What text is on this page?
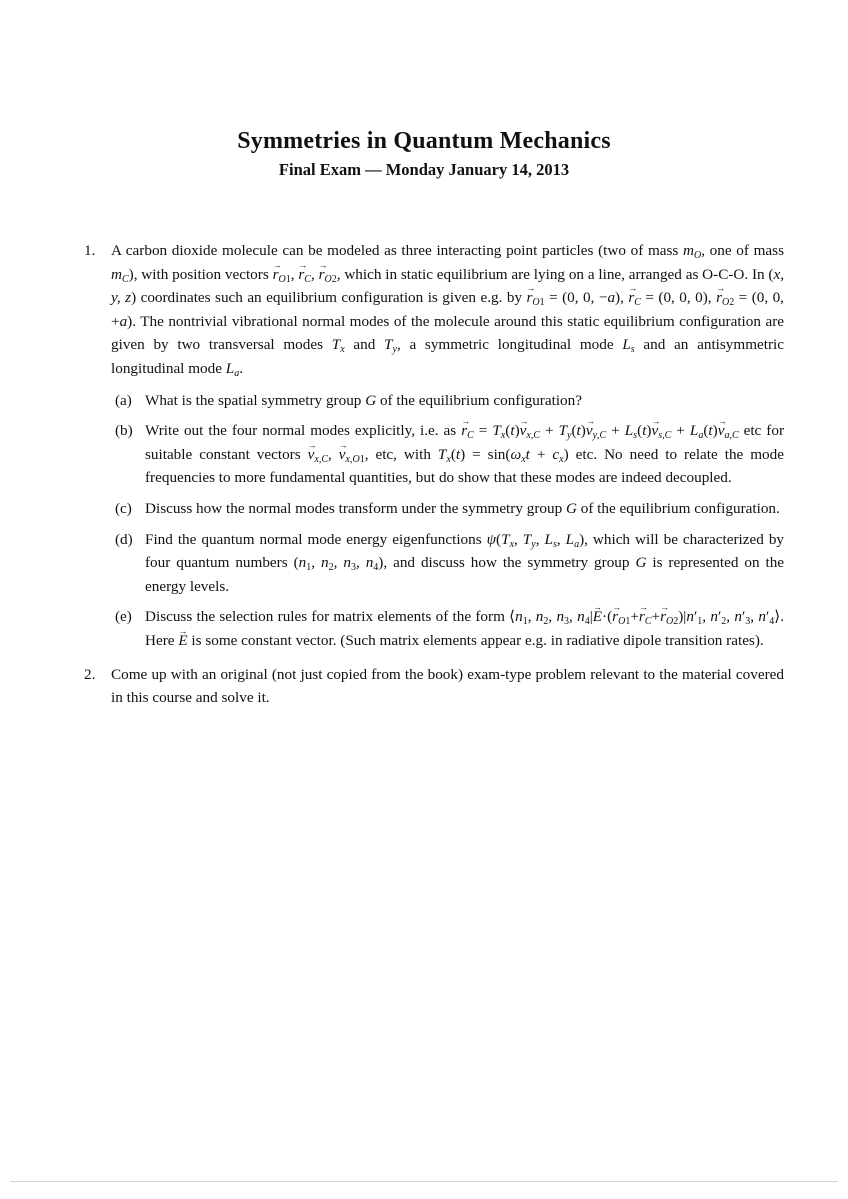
Symmetries in Quantum Mechanics
Final Exam — Monday January 14, 2013
1. A carbon dioxide molecule can be modeled as three interacting point particles (two of mass $m_O$, one of mass $m_C$), with position vectors → $r_{O1}$, → $r_C$, → $r_{O2}$, which in static equilibrium are lying on a line, arranged as O-C-O. In (x, y, z) coordinates such an equilibrium configuration is given e.g. by → $r_{O1} = (0$, 0, −a), → $r_C = (0$, 0, 0), → $r_{O2} = (0$, 0, +a). The nontrivial vibrational normal modes of the molecule around this static equilibrium configuration are given by two transversal modes $T_x$ and $T_y$, a symmetric longitudinal mode $L_s$ and an antisymmetric longitudinal mode $L_a$.
(a) What is the spatial symmetry group G of the equilibrium configuration?
(b) Write out the four normal modes explicitly, i.e. as → $r_C = T_x(t)\to v_{x,C} + T_y(t)\to v_{y,C} + L_s(t)\to v_{s,C} + L_a(t)\to v_{a,C}$ etc for suitable constant vectors → $v_{x,C}$, → $v_{x,O1}$, etc, with $T_x(t) = \sin(\omega_xt + c_x)$ etc. No need to relate the mode frequencies to more fundamental quantities, but do show that these modes are indeed decoupled.
(c) Discuss how the normal modes transform under the symmetry group G of the equilibrium configuration.
(d) Find the quantum normal mode energy eigenfunctions $\psi(T_x$, $T_y$, $L_s$, $L_a$), which will be characterized by four quantum numbers ($n_1$, $n_2$, $n_3$, $n_4$), and discuss how the symmetry group G is represented on the energy levels.
(e) Discuss the selection rules for matrix elements of the form $⟨n_1$, $n_2$, $n_3$, $n_4|\to E\cdot(\to r_{O1}+\to r_C+\to r_{O2})|n'_1$, $n'_2$, $n'_3$, $n'_4⟩$. Here → E is some constant vector. (Such matrix elements appear e.g. in radiative dipole transition rates).
2. Come up with an original (not just copied from the book) exam-type problem relevant to the material covered in this course and solve it.
